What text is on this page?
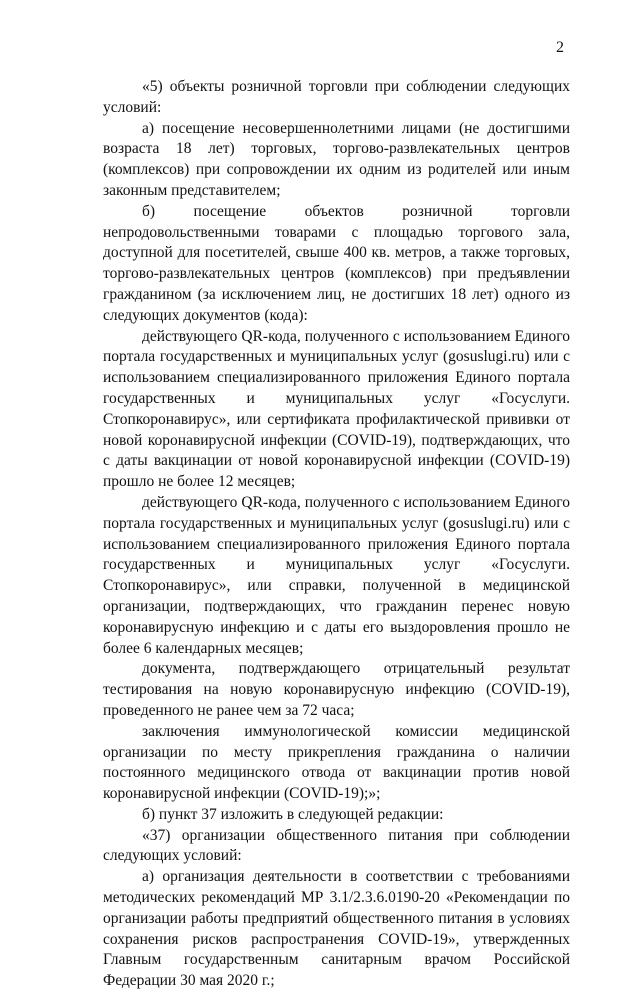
2

«5) объекты розничной торговли при соблюдении следующих условий:

а) посещение несовершеннолетними лицами (не достигшими возраста 18 лет) торговых, торгово-развлекательных центров (комплексов) при сопровождении их одним из родителей или иным законным представителем;

б) посещение объектов розничной торговли непродовольственными товарами с площадью торгового зала, доступной для посетителей, свыше 400 кв. метров, а также торговых, торгово-развлекательных центров (комплексов) при предъявлении гражданином (за исключением лиц, не достигших 18 лет) одного из следующих документов (кода):

действующего QR-кода, полученного с использованием Единого портала государственных и муниципальных услуг (gosuslugi.ru) или с использованием специализированного приложения Единого портала государственных и муниципальных услуг «Госуслуги. Стопкоронавирус», или сертификата профилактической прививки от новой коронавирусной инфекции (COVID-19), подтверждающих, что с даты вакцинации от новой коронавирусной инфекции (COVID-19) прошло не более 12 месяцев;

действующего QR-кода, полученного с использованием Единого портала государственных и муниципальных услуг (gosuslugi.ru) или с использованием специализированного приложения Единого портала государственных и муниципальных услуг «Госуслуги. Стопкоронавирус», или справки, полученной в медицинской организации, подтверждающих, что гражданин перенес новую коронавирусную инфекцию и с даты его выздоровления прошло не более 6 календарных месяцев;

документа, подтверждающего отрицательный результат тестирования на новую коронавирусную инфекцию (COVID-19), проведенного не ранее чем за 72 часа;

заключения иммунологической комиссии медицинской организации по месту прикрепления гражданина о наличии постоянного медицинского отвода от вакцинации против новой коронавирусной инфекции (COVID-19);»;

б) пункт 37 изложить в следующей редакции:

«37) организации общественного питания при соблюдении следующих условий:

а) организация деятельности в соответствии с требованиями методических рекомендаций МР 3.1/2.3.6.0190-20 «Рекомендации по организации работы предприятий общественного питания в условиях сохранения рисков распространения COVID-19», утвержденных Главным государственным санитарным врачом Российской Федерации 30 мая 2020 г.;
